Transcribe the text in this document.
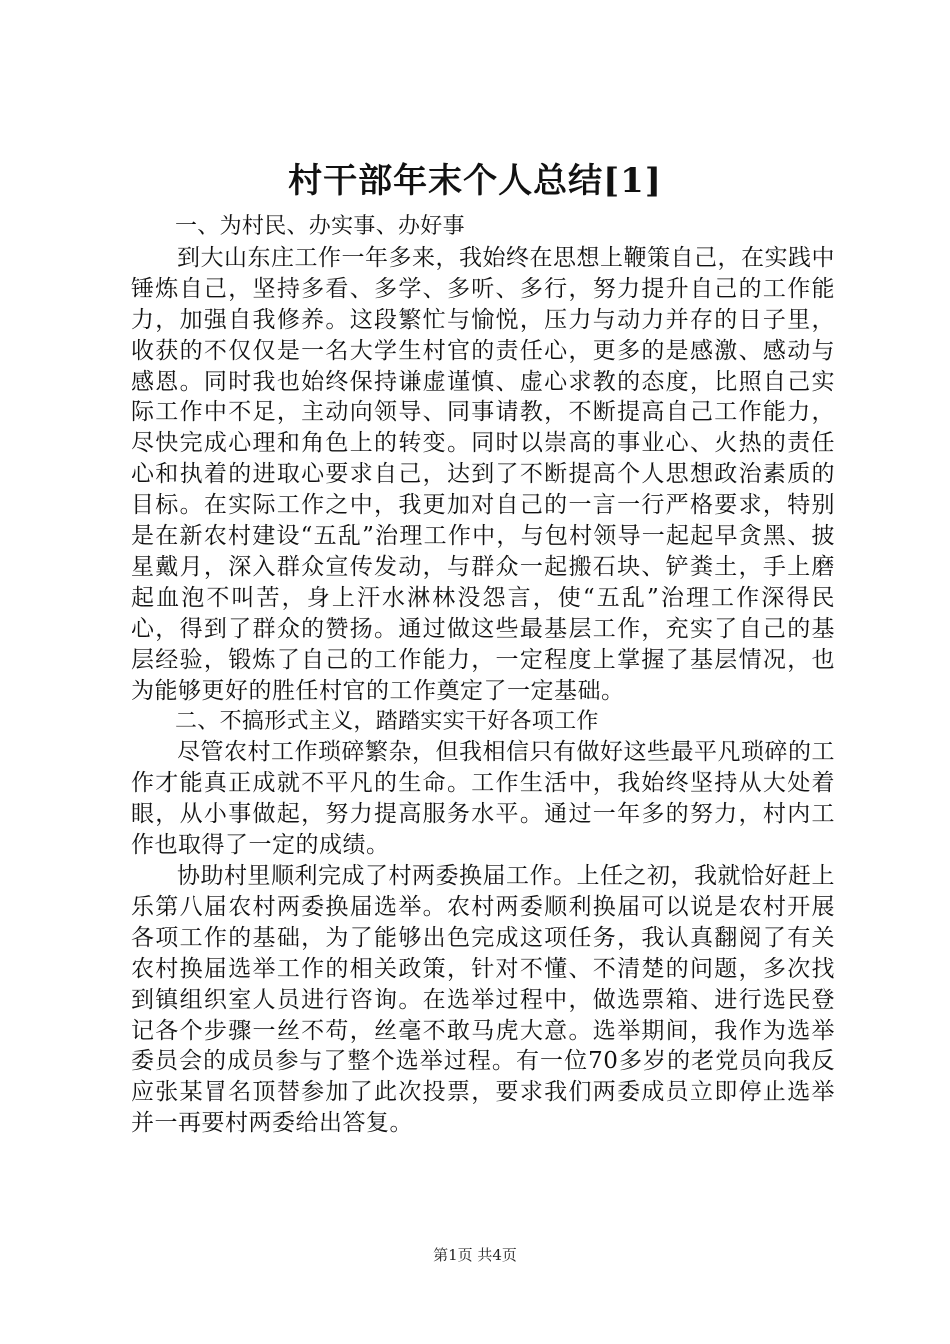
村干部年末个人总结[1]

一、为村民、办实事、办好事

到大山东庄工作一年多来，我始终在思想上鞭策自己，在实践中锤炼自己，坚持多看、多学、多听、多行，努力提升自己的工作能力，加强自我修养。这段繁忙与愉悦，压力与动力并存的日子里，收获的不仅仅是一名大学生村官的责任心，更多的是感激、感动与感恩。同时我也始终保持谦虚谨慎、虚心求教的态度，比照自己实际工作中不足，主动向领导、同事请教，不断提高自己工作能力，尽快完成心理和角色上的转变。同时以崇高的事业心、火热的责任心和执着的进取心要求自己，达到了不断提高个人思想政治素质的目标。在实际工作之中，我更加对自己的一言一行严格要求，特别是在新农村建设“五乱”治理工作中，与包村领导一起起早贪黑、披星戴月，深入群众宣传发动，与群众一起搬石块、铲粪土，手上磨起血泡不叫苦，身上汗水淋林没怨言，使“五乱”治理工作深得民心，得到了群众的赞扬。通过做这些最基层工作，充实了自己的基层经验，锻炼了自己的工作能力，一定程度上掌握了基层情况，也为能够更好的胜任村官的工作奠定了一定基础。

二、不搞形式主义，踏踏实实干好各项工作

尽管农村工作琐碎繁杂，但我相信只有做好这些最平凡琐碎的工作才能真正成就不平凡的生命。工作生活中，我始终坚持从大处着眼，从小事做起，努力提高服务水平。通过一年多的努力，村内工作也取得了一定的成绩。

协助村里顺利完成了村两委换届工作。上任之初，我就恰好赶上乐第八届农村两委换届选举。农村两委顺利换届可以说是农村开展各项工作的基础，为了能够出色完成这项任务，我认真翻阅了有关农村换届选举工作的相关政策，针对不懂、不清楚的问题，多次找到镇组织室人员进行咨询。在选举过程中，做选票箱、进行选民登记各个步骤一丝不苟，丝毫不敢马虎大意。选举期间，我作为选举委员会的成员参与了整个选举过程。有一位70多岁的老党员向我反应张某冒名顶替参加了此次投票，要求我们两委成员立即停止选举并一再要村两委给出答复。

第1页 共4页
